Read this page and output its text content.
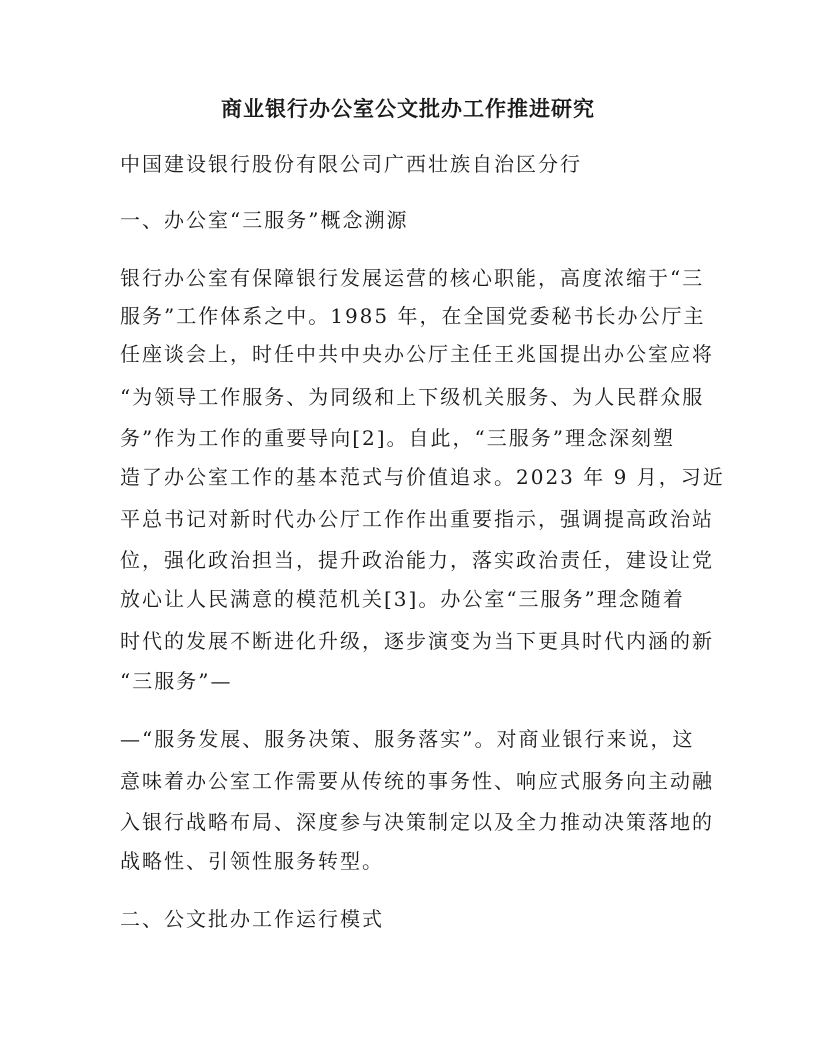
商业银行办公室公文批办工作推进研究
中国建设银行股份有限公司广西壮族自治区分行
一、办公室“三服务”概念溯源
银行办公室有保障银行发展运营的核心职能，高度浓缩于“三
服务”工作体系之中。1985 年，在全国党委秘书长办公厅主
任座谈会上，时任中共中央办公厅主任王兆国提出办公室应将
“为领导工作服务、为同级和上下级机关服务、为人民群众服
务”作为工作的重要导向[2]。自此，“三服务”理念深刻塑
造了办公室工作的基本范式与价值追求。2023 年 9 月，习近
平总书记对新时代办公厅工作作出重要指示，强调提高政治站
位，强化政治担当，提升政治能力，落实政治责任，建设让党
放心让人民满意的模范机关[3]。办公室“三服务”理念随着
时代的发展不断进化升级，逐步演变为当下更具时代内涵的新
“三服务”—
—“服务发展、服务决策、服务落实”。对商业银行来说，这
意味着办公室工作需要从传统的事务性、响应式服务向主动融
入银行战略布局、深度参与决策制定以及全力推动决策落地的
战略性、引领性服务转型。
二、公文批办工作运行模式
